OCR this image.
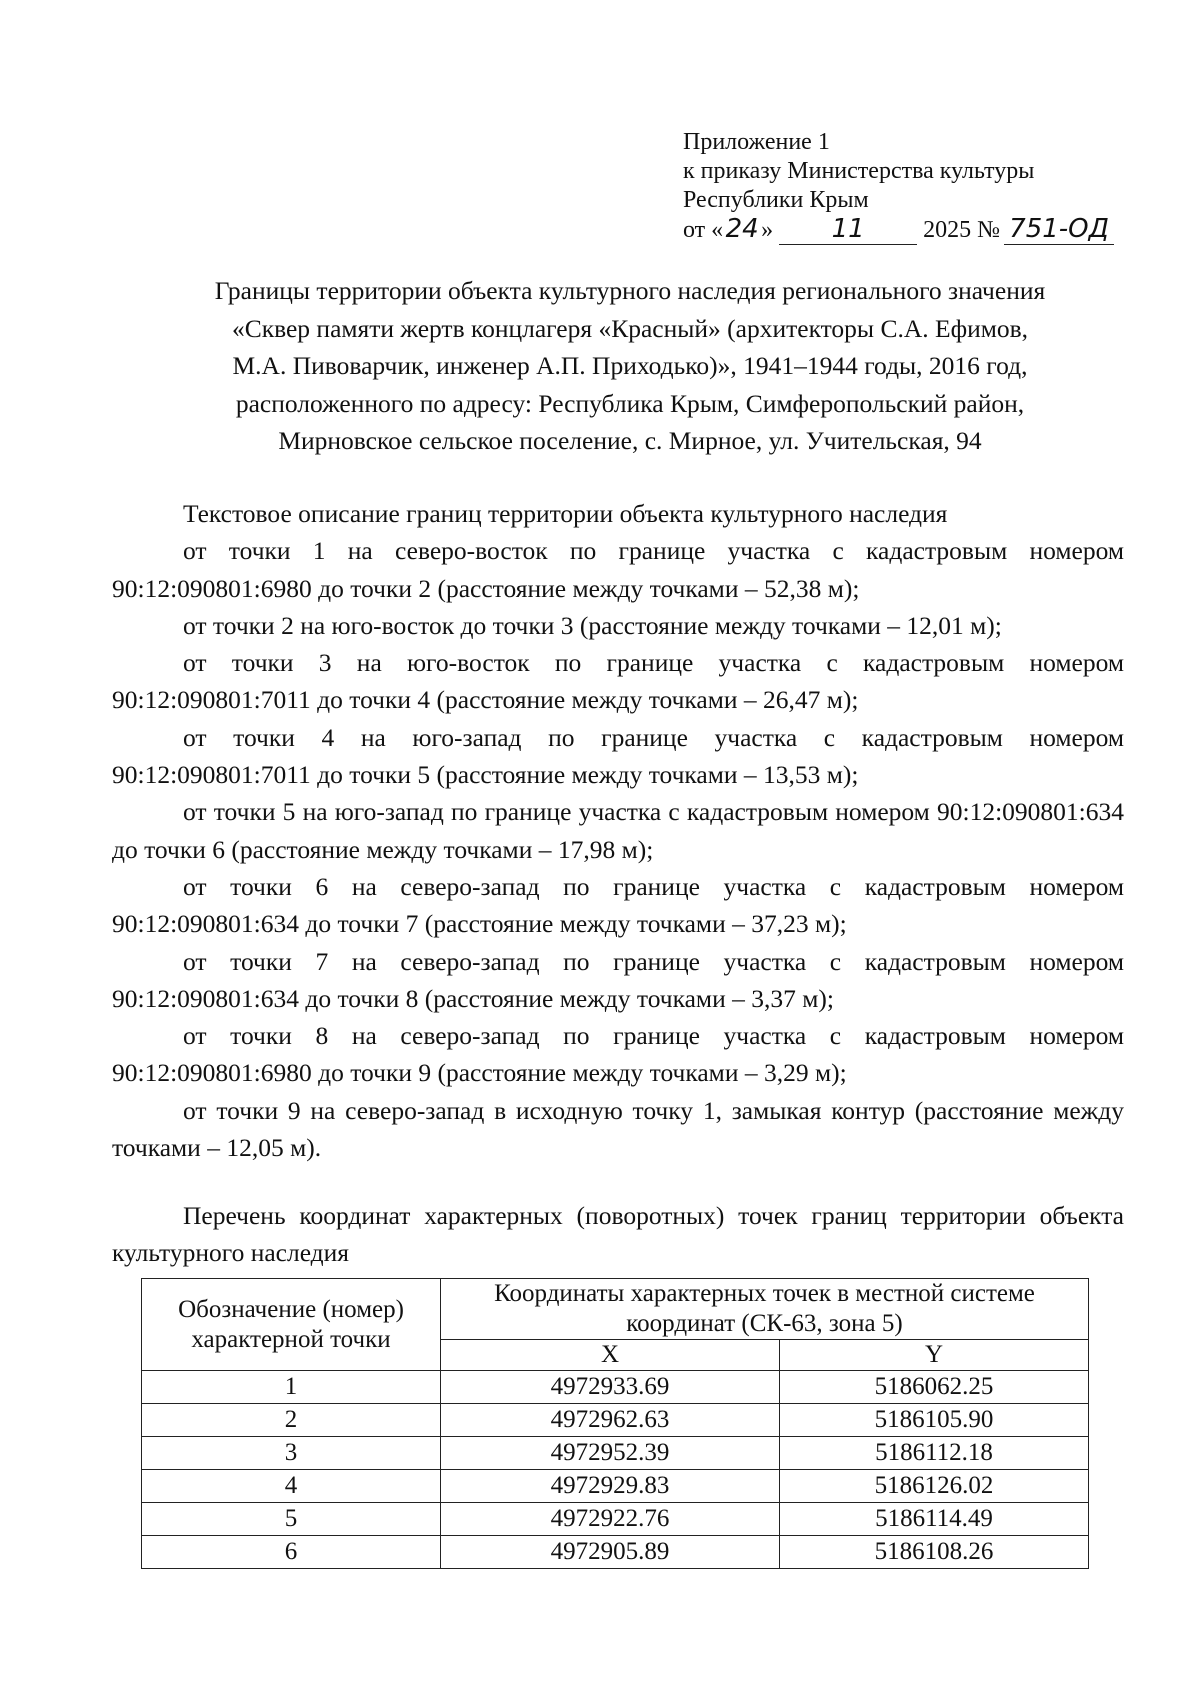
Приложение 1
к приказу Министерства культуры
Республики Крым
от « 24 »	11	2025 № 751-ОД
Границы территории объекта культурного наследия регионального значения
«Сквер памяти жертв концлагеря «Красный» (архитекторы С.А. Ефимов,
М.А. Пивоварчик, инженер А.П. Приходько)», 1941–1944 годы, 2016 год,
расположенного по адресу: Республика Крым, Симферопольский район,
Мирновское сельское поселение, с. Мирное, ул. Учительская, 94

Текстовое описание границ территории объекта культурного наследия

от точки 1 на северо-восток по границе участка с кадастровым номером 90:12:090801:6980 до точки 2 (расстояние между точками – 52,38 м);

от точки 2 на юго-восток до точки 3 (расстояние между точками – 12,01 м);

от точки 3 на юго-восток по границе участка с кадастровым номером 90:12:090801:7011 до точки 4 (расстояние между точками – 26,47 м);

от точки 4 на юго-запад по границе участка с кадастровым номером 90:12:090801:7011 до точки 5 (расстояние между точками – 13,53 м);

от точки 5 на юго-запад по границе участка с кадастровым номером 90:12:090801:634 до точки 6 (расстояние между точками – 17,98 м);

от точки 6 на северо-запад по границе участка с кадастровым номером 90:12:090801:634 до точки 7 (расстояние между точками – 37,23 м);

от точки 7 на северо-запад по границе участка с кадастровым номером 90:12:090801:634 до точки 8 (расстояние между точками – 3,37 м);

от точки 8 на северо-запад по границе участка с кадастровым номером 90:12:090801:6980 до точки 9 (расстояние между точками – 3,29 м);

от точки 9 на северо-запад в исходную точку 1, замыкая контур (расстояние между точками – 12,05 м).

Перечень координат характерных (поворотных) точек границ территории объекта культурного наследия

Обозначение (номер) характерной точки	Координаты характерных точек в местной системе координат (СК-63, зона 5)	
	X	Y
1	4972933.69	5186062.25
2	4972962.63	5186105.90
3	4972952.39	5186112.18
4	4972929.83	5186126.02
5	4972922.76	5186114.49
6	4972905.89	5186108.26
